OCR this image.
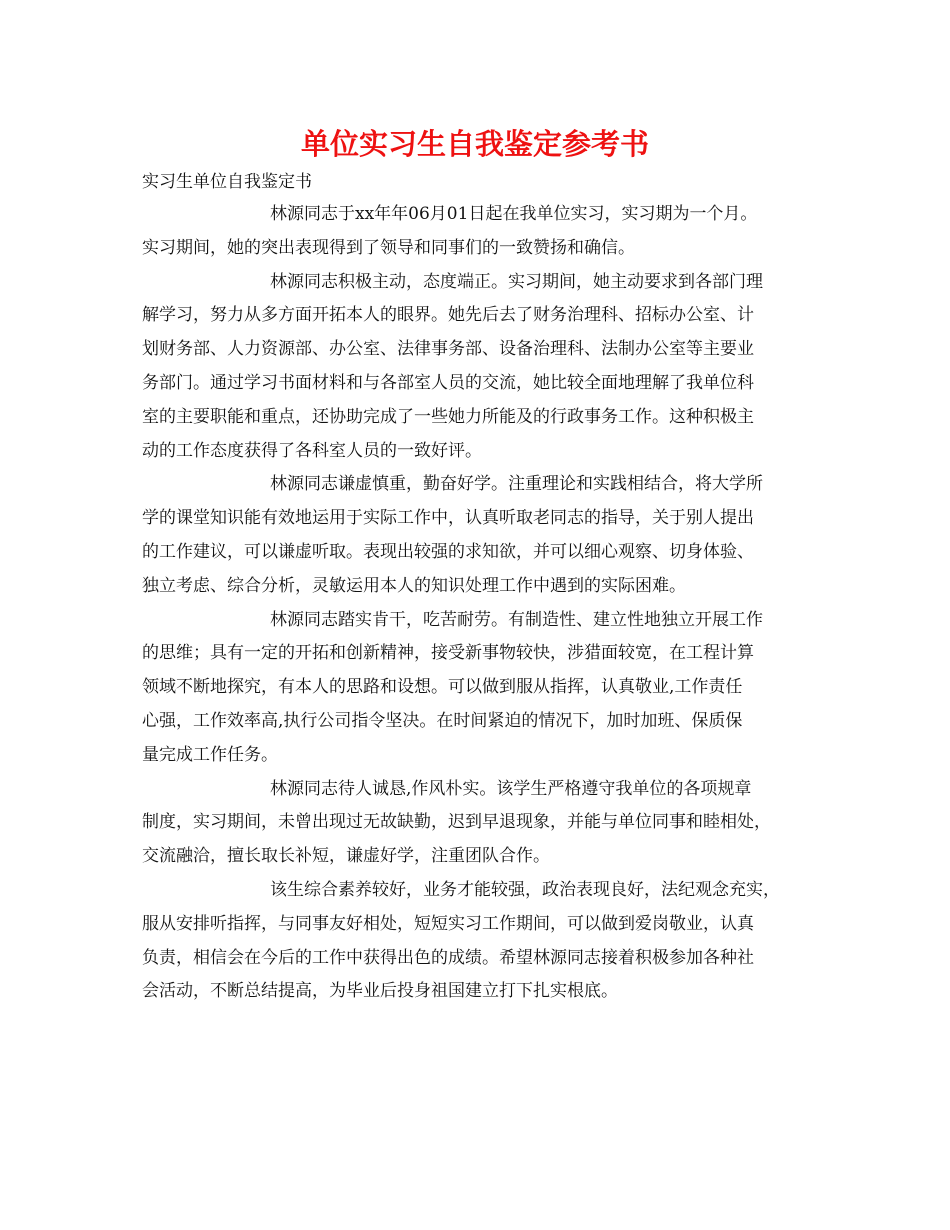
单位实习生自我鉴定参考书

实习生单位自我鉴定书

林源同志于xx年年06月01日起在我单位实习，实习期为一个月。
实习期间，她的突出表现得到了领导和同事们的一致赞扬和确信。
林源同志积极主动，态度端正。实习期间，她主动要求到各部门理
解学习，努力从多方面开拓本人的眼界。她先后去了财务治理科、招标办公室、计
划财务部、人力资源部、办公室、法律事务部、设备治理科、法制办公室等主要业
务部门。通过学习书面材料和与各部室人员的交流，她比较全面地理解了我单位科
室的主要职能和重点，还协助完成了一些她力所能及的行政事务工作。这种积极主
动的工作态度获得了各科室人员的一致好评。
林源同志谦虚慎重，勤奋好学。注重理论和实践相结合，将大学所
学的课堂知识能有效地运用于实际工作中，认真听取老同志的指导，关于别人提出
的工作建议，可以谦虚听取。表现出较强的求知欲，并可以细心观察、切身体验、
独立考虑、综合分析，灵敏运用本人的知识处理工作中遇到的实际困难。
林源同志踏实肯干，吃苦耐劳。有制造性、建立性地独立开展工作
的思维；具有一定的开拓和创新精神，接受新事物较快，涉猎面较宽，在工程计算
领域不断地探究，有本人的思路和设想。可以做到服从指挥，认真敬业,工作责任
心强，工作效率高,执行公司指令坚决。在时间紧迫的情况下，加时加班、保质保
量完成工作任务。
林源同志待人诚恳,作风朴实。该学生严格遵守我单位的各项规章
制度，实习期间，未曾出现过无故缺勤，迟到早退现象，并能与单位同事和睦相处，
交流融洽，擅长取长补短，谦虚好学，注重团队合作。
该生综合素养较好，业务才能较强，政治表现良好，法纪观念充实，
服从安排听指挥，与同事友好相处，短短实习工作期间，可以做到爱岗敬业，认真
负责，相信会在今后的工作中获得出色的成绩。希望林源同志接着积极参加各种社
会活动，不断总结提高，为毕业后投身祖国建立打下扎实根底。
